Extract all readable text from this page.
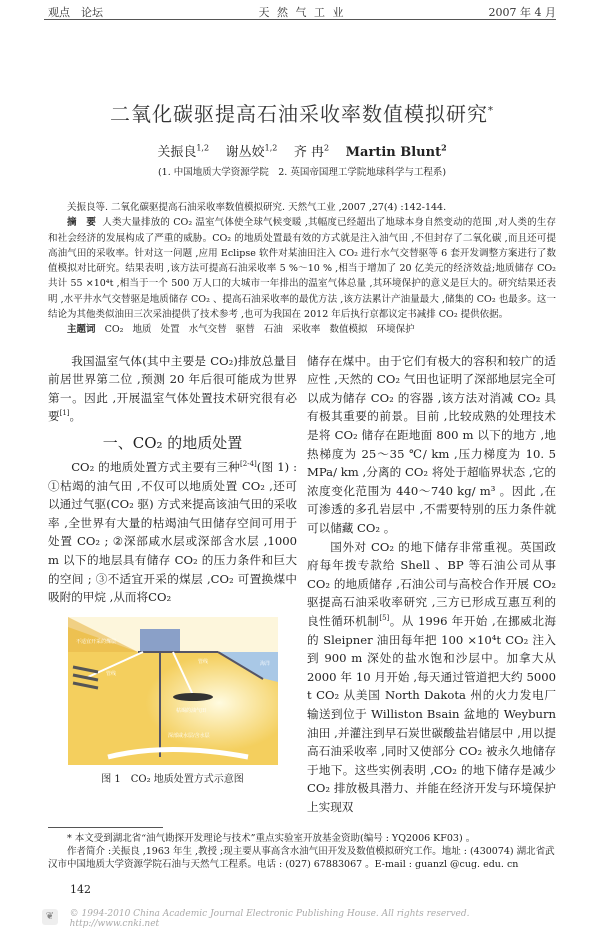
观点　论坛	天 然 气 工 业	2007 年 4 月
二氧化碳驱提高石油采收率数值模拟研究*
关振良$^{1,2}$ 谢丛姣$^{1,2}$ 齐 冉$^2$ Martin Blunt$^2$
(1. 中国地质大学资源学院　2. 英国帝国理工学院地球科学与工程系)
关振良等. 二氧化碳驱提高石油采收率数值模拟研究. 天然气工业 ,2007 ,27(4) :142-144.
摘　要 人类大量排放的 CO₂ 温室气体使全球气候变暖 ,其幅度已经超出了地球本身自然变动的范围 ,对人类的生存和社会经济的发展构成了严重的威胁。CO₂ 的地质处置最有效的方式就是注入油气田 ,不但封存了二氧化碳 ,而且还可提高油气田的采收率。针对这一问题 ,应用 Eclipse 软件对某油田注入 CO₂ 进行水气交替驱等 6 套开发调整方案进行了数值模拟对比研究。结果表明 ,该方法可提高石油采收率 5 %～10 % ,相当于增加了 20 亿美元的经济效益;地质储存 CO₂ 共计 55 ×10⁴t ,相当于一个 500 万人口的大城市一年排出的温室气体总量 ,其环境保护的意义是巨大的。研究结果还表明 ,水平井水气交替驱是地质储存 CO₂ 、提高石油采收率的最优方法 ,该方法累计产油量最大 ,储集的 CO₂ 也最多。这一结论为其他类似油田三次采油提供了技术参考 ,也可为我国在 2012 年后执行京都议定书减排 CO₂ 提供依据。
主题词 CO₂ 地质 处置 水气交替 驱替 石油 采收率 数值模拟 环境保护

我国温室气体(其中主要是 CO₂)排放总量目前居世界第二位 ,预测 20 年后很可能成为世界第一。因此 ,开展温室气体处置技术研究很有必要[1]。

一、CO₂ 的地质处置

CO₂ 的地质处置方式主要有三种[2-4](图 1) : ①枯竭的油气田 ,不仅可以地质处置 CO₂ ,还可以通过气驱(CO₂ 驱) 方式来提高该油气田的采收率 ,全世界有大量的枯竭油气田储存空间可用于处置 CO₂ ; ②深部咸水层或深部含水层 ,1000 m 以下的地层具有储存 CO₂ 的压力条件和巨大的空间 ; ③不适宜开采的煤层 ,CO₂ 可置换煤中吸附的甲烷 ,从而将CO₂

不适宜开采的煤层
管线
管线	海洋
枯竭的油气田
深部咸水层/含水层
图 1　CO₂ 地质处置方式示意图

储存在煤中。由于它们有极大的容积和较广的适应性 ,天然的 CO₂ 气田也证明了深部地层完全可以成为储存 CO₂ 的容器 ,该方法对消减 CO₂ 具有极其重要的前景。目前 ,比较成熟的处理技术是将 CO₂ 储存在距地面 800 m 以下的地方 ,地热梯度为 25～35 ℃/ km ,压力梯度为 10. 5 MPa/ km ,分离的 CO₂ 将处于超临界状态 ,它的浓度变化范围为 440～740 kg/ m³ 。因此 ,在可渗透的多孔岩层中 ,不需要特别的压力条件就可以储藏 CO₂ 。

国外对 CO₂ 的地下储存非常重视。英国政府每年拨专款给 Shell 、BP 等石油公司从事 CO₂ 的地质储存 ,石油公司与高校合作开展 CO₂ 驱提高石油采收率研究 ,三方已形成互惠互利的良性循环机制[5]。从 1996 年开始 ,在挪威北海的 Sleipner 油田每年把 100 ×10⁴t CO₂ 注入到 900 m 深处的盐水饱和沙层中。加拿大从 2000 年 10 月开始 ,每天通过管道把大约 5000 t CO₂ 从美国 North Dakota 州的火力发电厂输送到位于 Williston Bsain 盆地的 Weyburn 油田 ,并灌注到早石炭世碳酸盐岩储层中 ,用以提高石油采收率 ,同时又使部分 CO₂ 被永久地储存于地下。这些实例表明 ,CO₂ 的地下储存是减少 CO₂ 排放极具潜力、并能在经济开发与环境保护上实现双

* 本文受到湖北省“油气勘探开发理论与技术”重点实验室开放基金资助(编号 : YQ2006 KF03) 。

作者简介 :关振良 ,1963 年生 ,教授 ;现主要从事高含水油气田开发及数值模拟研究工作。地址 : (430074) 湖北省武汉市中国地质大学资源学院石油与天然气工程系。电话 : (027) 67883067 。E-mail : guanzl @cug. edu. cn

142
❦	© 1994-2010 China Academic Journal Electronic Publishing House. All rights reserved.　http://www.cnki.net
